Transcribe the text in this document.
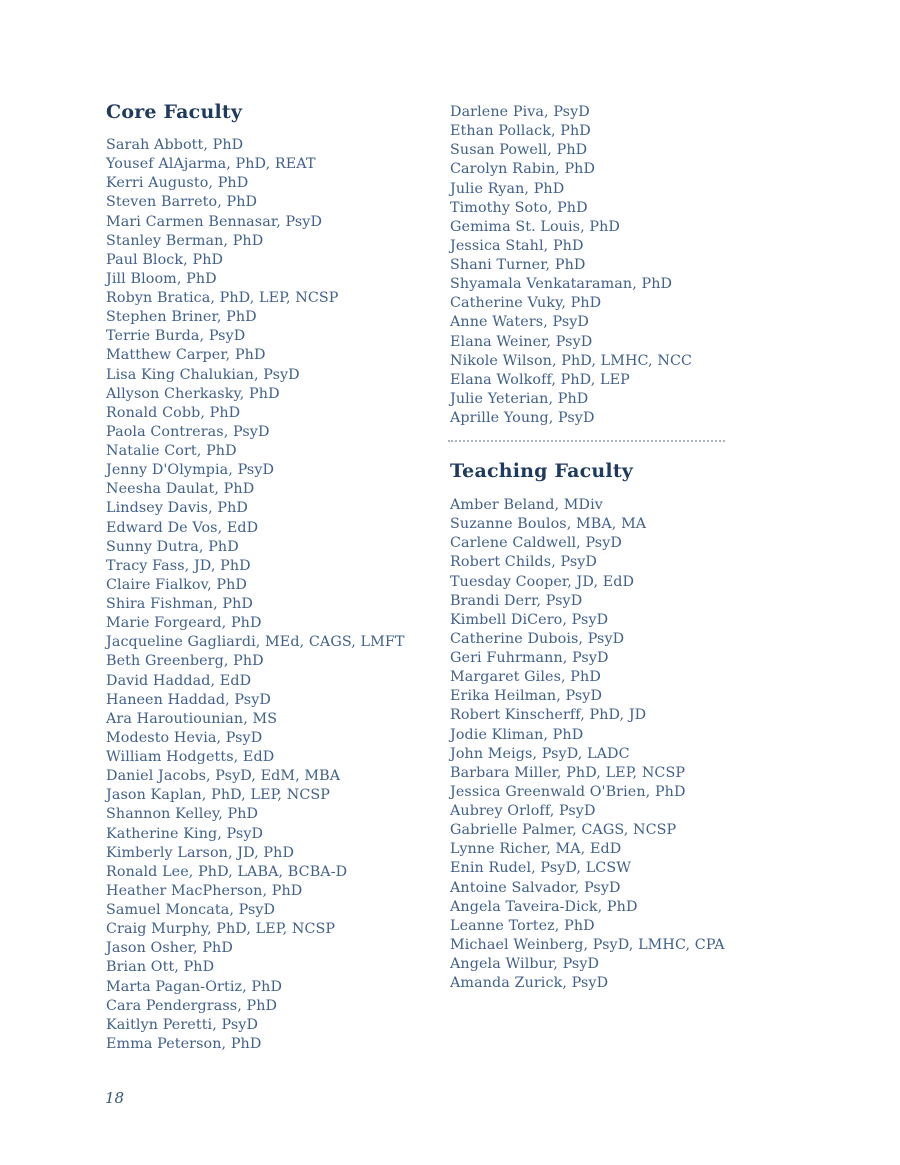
Core Faculty
Sarah Abbott, PhD
Yousef AlAjarma, PhD, REAT
Kerri Augusto, PhD
Steven Barreto, PhD
Mari Carmen Bennasar, PsyD
Stanley Berman, PhD
Paul Block, PhD
Jill Bloom, PhD
Robyn Bratica, PhD, LEP, NCSP
Stephen Briner, PhD
Terrie Burda, PsyD
Matthew Carper, PhD
Lisa King Chalukian, PsyD
Allyson Cherkasky, PhD
Ronald Cobb, PhD
Paola Contreras, PsyD
Natalie Cort, PhD
Jenny D'Olympia, PsyD
Neesha Daulat, PhD
Lindsey Davis, PhD
Edward De Vos, EdD
Sunny Dutra, PhD
Tracy Fass, JD, PhD
Claire Fialkov, PhD
Shira Fishman, PhD
Marie Forgeard, PhD
Jacqueline Gagliardi, MEd, CAGS, LMFT
Beth Greenberg, PhD
David Haddad, EdD
Haneen Haddad, PsyD
Ara Haroutiounian, MS
Modesto Hevia, PsyD
William Hodgetts, EdD
Daniel Jacobs, PsyD, EdM, MBA
Jason Kaplan, PhD, LEP, NCSP
Shannon Kelley, PhD
Katherine King, PsyD
Kimberly Larson, JD, PhD
Ronald Lee, PhD, LABA, BCBA-D
Heather MacPherson, PhD
Samuel Moncata, PsyD
Craig Murphy, PhD, LEP, NCSP
Jason Osher, PhD
Brian Ott, PhD
Marta Pagan-Ortiz, PhD
Cara Pendergrass, PhD
Kaitlyn Peretti, PsyD
Emma Peterson, PhD
Darlene Piva, PsyD
Ethan Pollack, PhD
Susan Powell, PhD
Carolyn Rabin, PhD
Julie Ryan, PhD
Timothy Soto, PhD
Gemima St. Louis, PhD
Jessica Stahl, PhD
Shani Turner, PhD
Shyamala Venkataraman, PhD
Catherine Vuky, PhD
Anne Waters, PsyD
Elana Weiner, PsyD
Nikole Wilson, PhD, LMHC, NCC
Elana Wolkoff, PhD, LEP
Julie Yeterian, PhD
Aprille Young, PsyD
Teaching Faculty
Amber Beland, MDiv
Suzanne Boulos, MBA, MA
Carlene Caldwell, PsyD
Robert Childs, PsyD
Tuesday Cooper, JD, EdD
Brandi Derr, PsyD
Kimbell DiCero, PsyD
Catherine Dubois, PsyD
Geri Fuhrmann, PsyD
Margaret Giles, PhD
Erika Heilman, PsyD
Robert Kinscherff, PhD, JD
Jodie Kliman, PhD
John Meigs, PsyD, LADC
Barbara Miller, PhD, LEP, NCSP
Jessica Greenwald O'Brien, PhD
Aubrey Orloff, PsyD
Gabrielle Palmer, CAGS, NCSP
Lynne Richer, MA, EdD
Enin Rudel, PsyD, LCSW
Antoine Salvador, PsyD
Angela Taveira-Dick, PhD
Leanne Tortez, PhD
Michael Weinberg, PsyD, LMHC, CPA
Angela Wilbur, PsyD
Amanda Zurick, PsyD
18
